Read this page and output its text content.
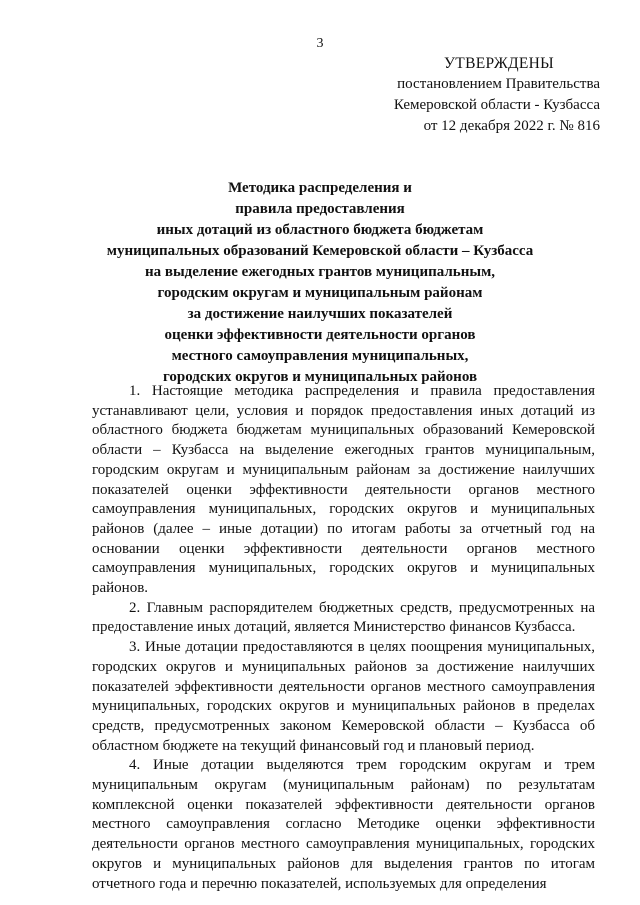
3
УТВЕРЖДЕНЫ
постановлением Правительства
Кемеровской области - Кузбасса
от 12 декабря 2022 г. № 816
Методика распределения и
правила предоставления
иных дотаций из областного бюджета бюджетам
муниципальных образований Кемеровской области – Кузбасса
на выделение ежегодных грантов муниципальным,
городским округам и муниципальным районам
за достижение наилучших показателей
оценки эффективности деятельности органов
местного самоуправления муниципальных,
городских округов и муниципальных районов

1. Настоящие методика распределения и правила предоставления устанавливают цели, условия и порядок предоставления иных дотаций из областного бюджета бюджетам муниципальных образований Кемеровской области – Кузбасса на выделение ежегодных грантов муниципальным, городским округам и муниципальным районам за достижение наилучших показателей оценки эффективности деятельности органов местного самоуправления муниципальных, городских округов и муниципальных районов (далее – иные дотации) по итогам работы за отчетный год на основании оценки эффективности деятельности органов местного самоуправления муниципальных, городских округов и муниципальных районов.

2. Главным распорядителем бюджетных средств, предусмотренных на предоставление иных дотаций, является Министерство финансов Кузбасса.

3. Иные дотации предоставляются в целях поощрения муниципальных, городских округов и муниципальных районов за достижение наилучших показателей эффективности деятельности органов местного самоуправления муниципальных, городских округов и муниципальных районов в пределах средств, предусмотренных законом Кемеровской области – Кузбасса об областном бюджете на текущий финансовый год и плановый период.

4. Иные дотации выделяются трем городским округам и трем муниципальным округам (муниципальным районам) по результатам комплексной оценки показателей эффективности деятельности органов местного самоуправления согласно Методике оценки эффективности деятельности органов местного самоуправления муниципальных, городских округов и муниципальных районов для выделения грантов по итогам отчетного года и перечню показателей, используемых для определения
